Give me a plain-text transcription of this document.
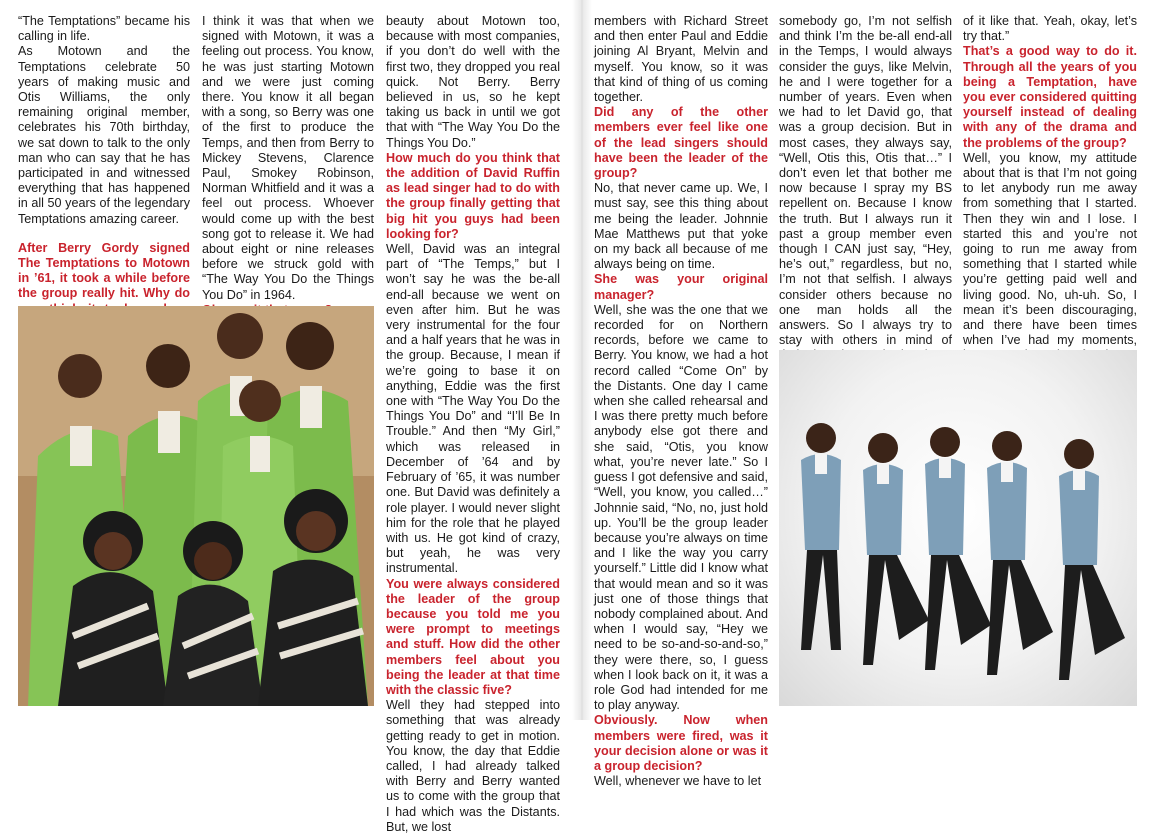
“The Temptations” became his calling in life.

As Motown and the Temptations celebrate 50 years of making music and Otis Williams, the only remaining original member, celebrates his 70th birthday, we sat down to talk to the only man who can say that he has participated in and witnessed everything that has happened in all 50 years of the legendary Temptations amazing career.

After Berry Gordy signed The Temptations to Motown in ’61, it took a while before the group really hit. Why do

I think it was that when we signed with Motown, it was a feeling out process. You know, he was just starting Motown and we were just coming there. You know it all began with a song, so Berry was one of the first to produce the Temps, and then from Berry to Mickey Stevens, Clarence Paul, Smokey Robinson, Norman Whitfield and it was a feel out process. Whoever would come up with the best song got to release it. We had about eight or nine releases before we struck gold with “The Way You Do the Things You Do” in 1964.

beauty about Motown too, because with most companies, if you don’t do well with the first two, they dropped you real quick. Not Berry. Berry believed in us, so he kept taking us back in until we got that with “The Way You Do the Things You Do.”

How much do you think that the addition of David Ruffin as lead singer had to do with the group finally getting that big hit you guys had been looking for?

Well, David was an integral part of “The Temps,” but I won’t say he was the be-all end-all because we went on even after him. But he was very instrumental for the four and a half years that he was in the group. Because, I mean if we’re going to base it on anything, Eddie was the first one with “The Way You Do the Things You Do” and “I’ll Be In Trouble.” And then “My Girl,” which was released in December of ’64 and by February of ’65, it was number one. But David was definitely a role player. I would never slight him for the role that he played with us. He got kind of crazy, but yeah, he was very instrumental.

You were always considered the leader of the group because you told me you were prompt to meetings and stuff. How did the other members feel about you being the leader at that time with the classic five?

Well they had stepped into something that was already getting ready to get in motion. You know, the day that Eddie called, I had already talked with Berry and Berry wanted us to come with the group that I had which was the Distants. But, we lost

members with Richard Street and then enter Paul and Eddie joining Al Bryant, Melvin and myself. You know, so it was that kind of thing of us coming together.

Did any of the other members ever feel like one of the lead singers should have been the leader of the group?

No, that never came up. We, I must say, see this thing about me being the leader. Johnnie Mae Matthews put that yoke on my back all because of me always being on time.

She was your original manager?

Well, she was the one that we recorded for on Northern records, before we came to Berry. You know, we had a hot record called “Come On” by the Distants. One day I came when she called rehearsal and I was there pretty much before anybody else got there and she said, “Otis, you know what, you’re never late.” So I guess I got defensive and said, “Well, you know, you called…” Johnnie said, “No, no, just hold up. You’ll be the group leader because you’re always on time and I like the way you carry yourself.” Little did I know what that would mean and so it was just one of those things that nobody complained about. And when I would say, “Hey we need to be so-and-so-and-so,” they were there, so, I guess when I look back on it, it was a role God had intended for me to play anyway.

Obviously. Now when members were fired, was it your decision alone or was it a group decision?

Well, whenever we have to let

somebody go, I’m not selfish and think I’m the be-all end-all in the Temps, I would always consider the guys, like Melvin, he and I were together for a number of years. Even when we had to let David go, that was a group decision. But in most cases, they always say, “Well, Otis this, Otis that…” I don’t even let that bother me now because I spray my BS repellent on. Because I know the truth. But I always run it past a group member even though I CAN just say, “Hey, he’s out,” regardless, but no, I’m not that selfish. I always consider others because no one man holds all the answers. So I always try to stay with others in mind of

of it like that. Yeah, okay, let’s try that.”

That’s a good way to do it. Through all the years of you being a Temptation, have you ever considered quitting yourself instead of dealing with any of the drama and the problems of the group?

Well, you know, my attitude about that is that I’m not going to let anybody run me away from something that I started. Then they win and I lose. I started this and you’re not going to run me away from something that I started while you’re getting paid well and living good. No, uh-uh. So, I mean it’s been discouraging, and there have been times when I’ve had my moments,
